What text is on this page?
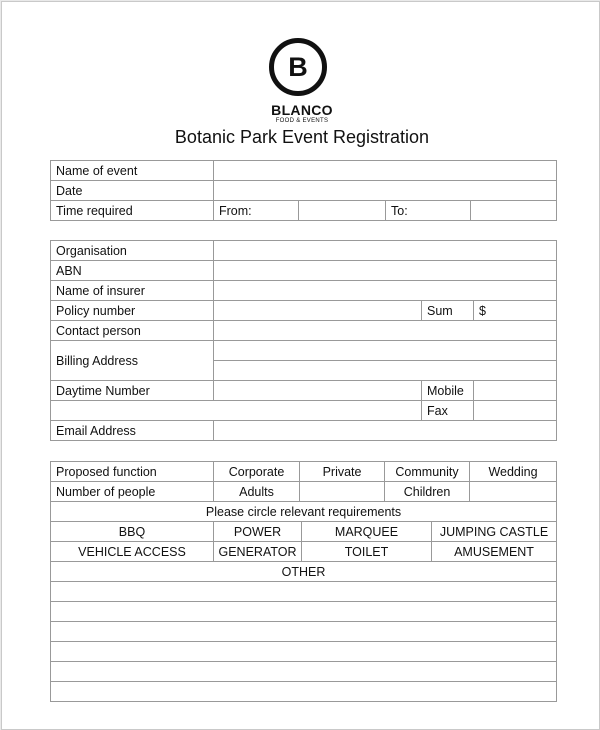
B
BLANCO
FOOD & EVENTS
Botanic Park Event Registration
Name of event				
Date				
Time required	From:		To:	
Organisation			
ABN			
Name of insurer			
Policy number		Sum	$
Contact person			
Billing Address			

Daytime Number		Mobile	
		Fax	
Email Address			
Proposed function	Corporate	Private		Community		Wedding
Number of people	Adults			Children		
Please circle relevant requirements						
BBQ	POWER		MARQUEE		JUMPING CASTLE	
VEHICLE ACCESS	GENERATOR		TOILET		AMUSEMENT	
OTHER						
